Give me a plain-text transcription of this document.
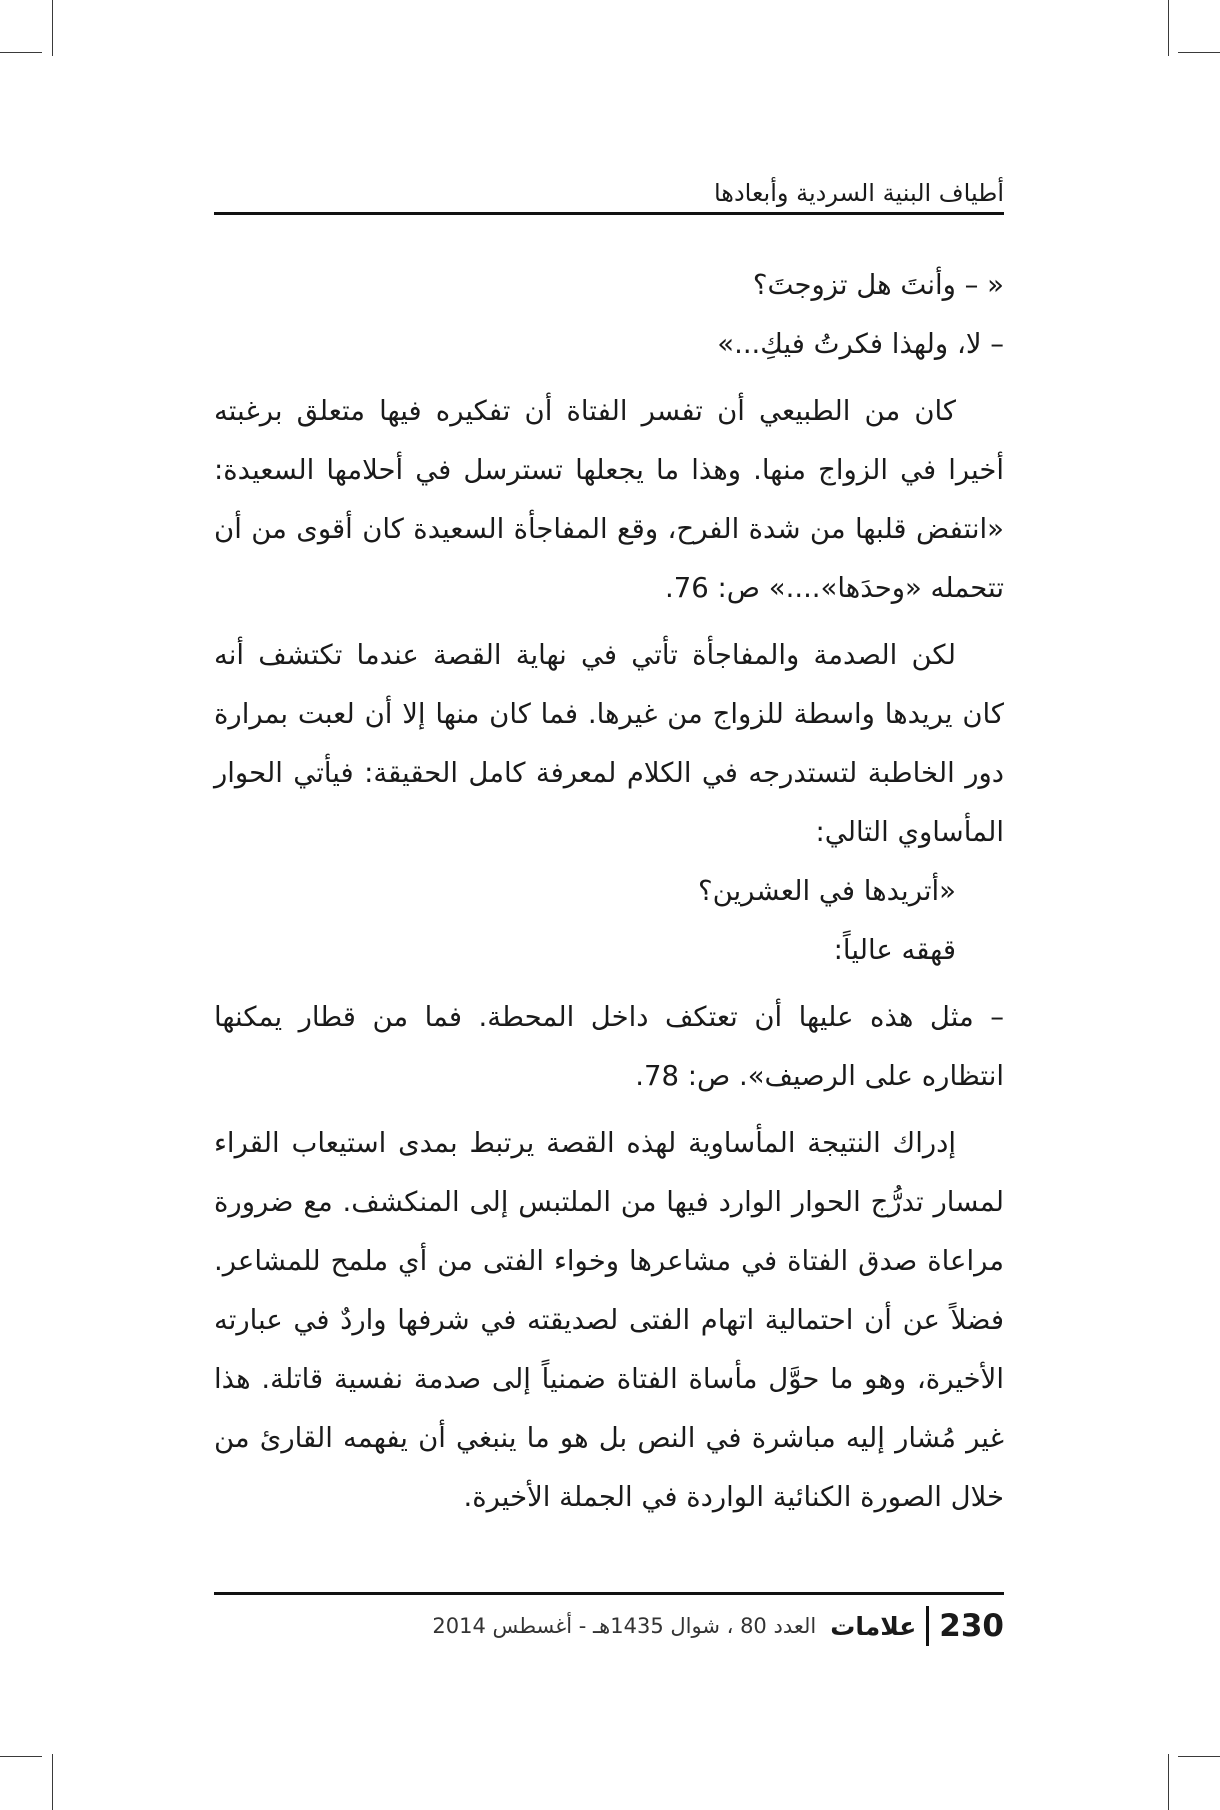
أطياف البنية السردية وأبعادها

« – وأنتَ هل تزوجتَ؟

– لا، ولهذا فكرتُ فيكِ...»

كان من الطبيعي أن تفسر الفتاة أن تفكيره فيها متعلق برغبته أخيرا في الزواج منها. وهذا ما يجعلها تسترسل في أحلامها السعيدة: «انتفض قلبها من شدة الفرح، وقع المفاجأة السعيدة كان أقوى من أن تتحمله «وحدَها»....» ص: 76.

لكن الصدمة والمفاجأة تأتي في نهاية القصة عندما تكتشف أنه كان يريدها واسطة للزواج من غيرها. فما كان منها إلا أن لعبت بمرارة دور الخاطبة لتستدرجه في الكلام لمعرفة كامل الحقيقة: فيأتي الحوار المأساوي التالي:

«أتريدها في العشرين؟

قهقه عالياً:

– مثل هذه عليها أن تعتكف داخل المحطة. فما من قطار يمكنها انتظاره على الرصيف». ص: 78.

إدراك النتيجة المأساوية لهذه القصة يرتبط بمدى استيعاب القراء لمسار تدرُّج الحوار الوارد فيها من الملتبس إلى المنكشف. مع ضرورة مراعاة صدق الفتاة في مشاعرها وخواء الفتى من أي ملمح للمشاعر. فضلاً عن أن احتمالية اتهام الفتى لصديقته في شرفها واردٌ في عبارته الأخيرة، وهو ما حوَّل مأساة الفتاة ضمنياً إلى صدمة نفسية قاتلة. هذا غير مُشار إليه مباشرة في النص بل هو ما ينبغي أن يفهمه القارئ من خلال الصورة الكنائية الواردة في الجملة الأخيرة.

230
علامات
العدد 80 ، شوال 1435هـ - أغسطس 2014
